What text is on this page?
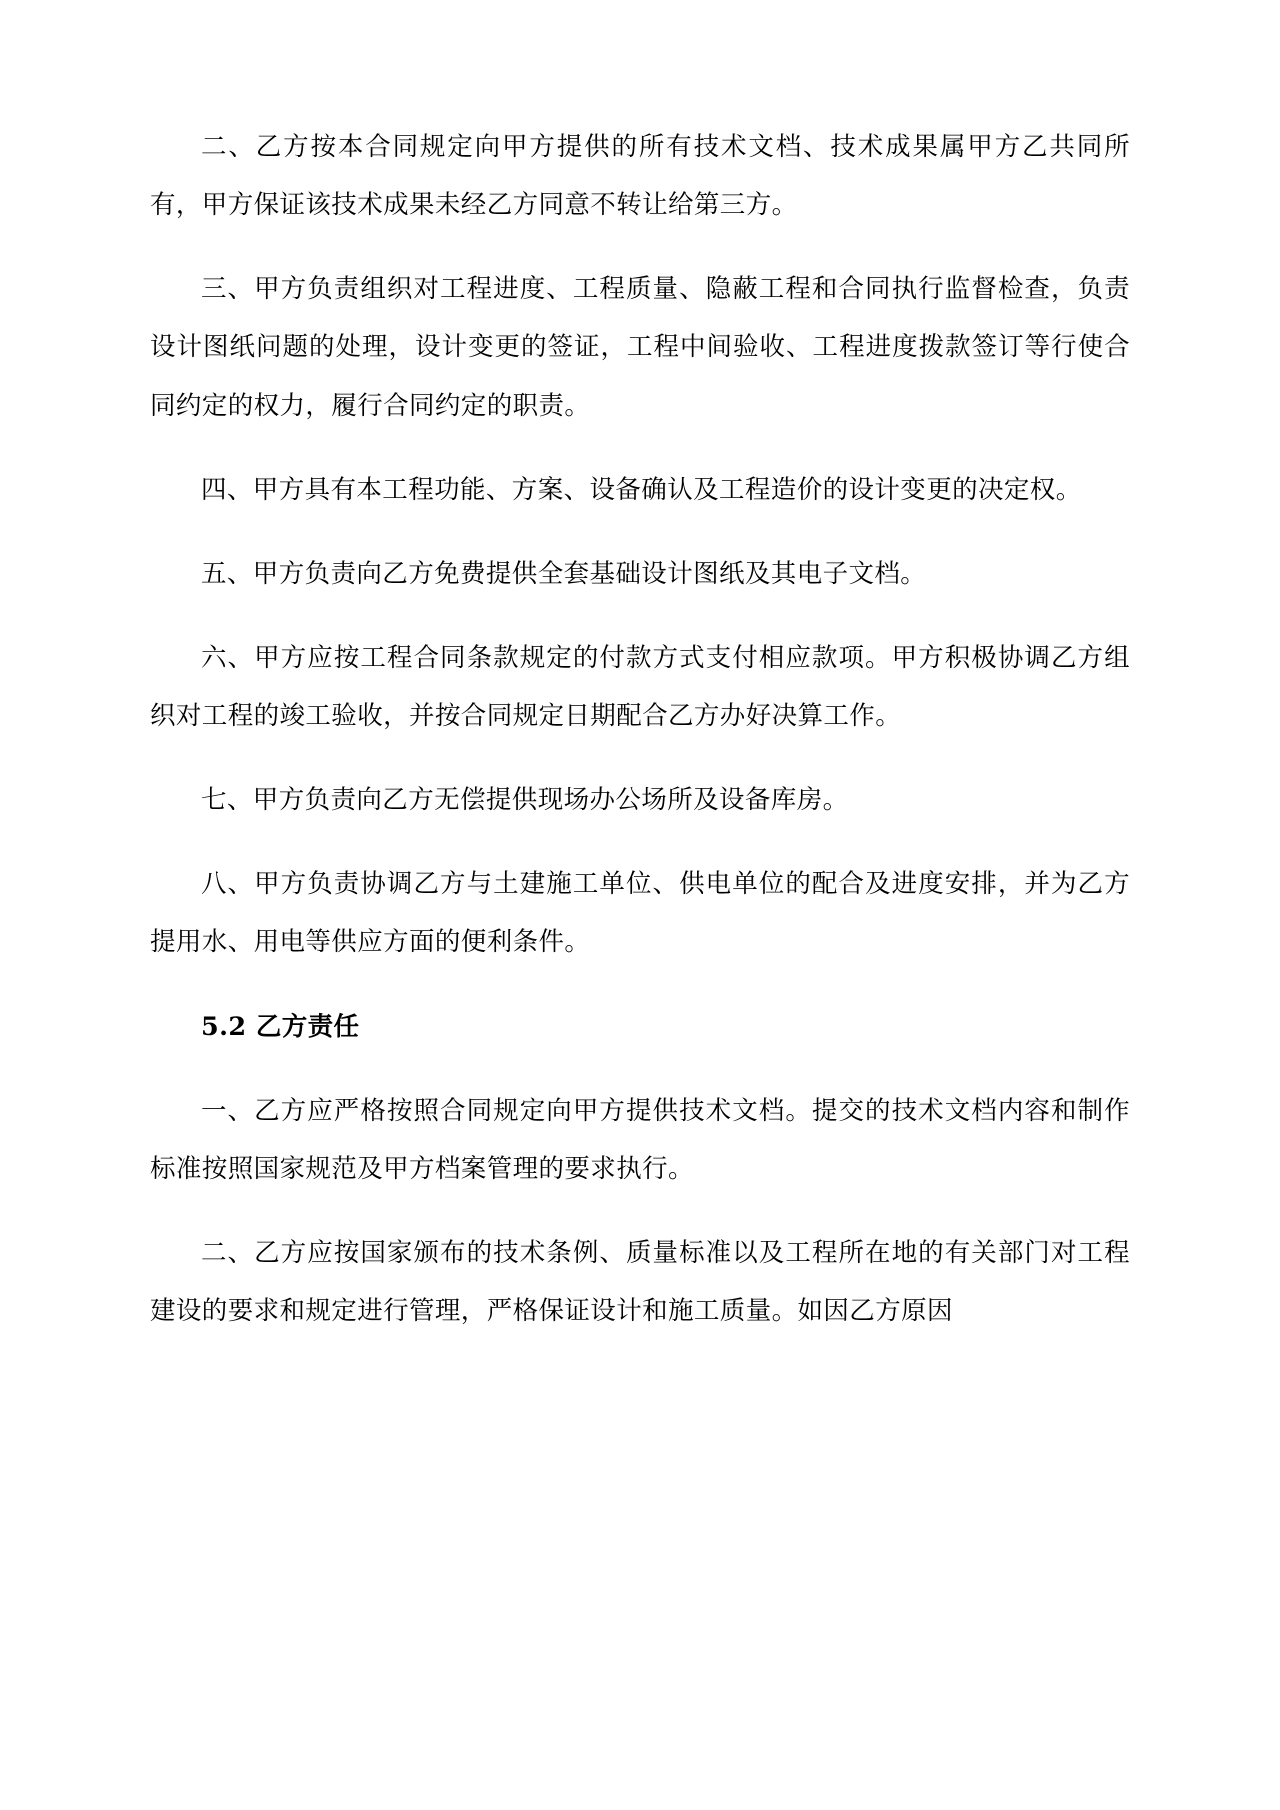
二、乙方按本合同规定向甲方提供的所有技术文档、技术成果属甲方乙共同所有，甲方保证该技术成果未经乙方同意不转让给第三方。

三、甲方负责组织对工程进度、工程质量、隐蔽工程和合同执行监督检查，负责设计图纸问题的处理，设计变更的签证，工程中间验收、工程进度拨款签订等行使合同约定的权力，履行合同约定的职责。

四、甲方具有本工程功能、方案、设备确认及工程造价的设计变更的决定权。

五、甲方负责向乙方免费提供全套基础设计图纸及其电子文档。

六、甲方应按工程合同条款规定的付款方式支付相应款项。甲方积极协调乙方组织对工程的竣工验收，并按合同规定日期配合乙方办好决算工作。

七、甲方负责向乙方无偿提供现场办公场所及设备库房。

八、甲方负责协调乙方与土建施工单位、供电单位的配合及进度安排，并为乙方提用水、用电等供应方面的便利条件。

5.2 乙方责任

一、乙方应严格按照合同规定向甲方提供技术文档。提交的技术文档内容和制作标准按照国家规范及甲方档案管理的要求执行。

二、乙方应按国家颁布的技术条例、质量标准以及工程所在地的有关部门对工程建设的要求和规定进行管理，严格保证设计和施工质量。如因乙方原因
